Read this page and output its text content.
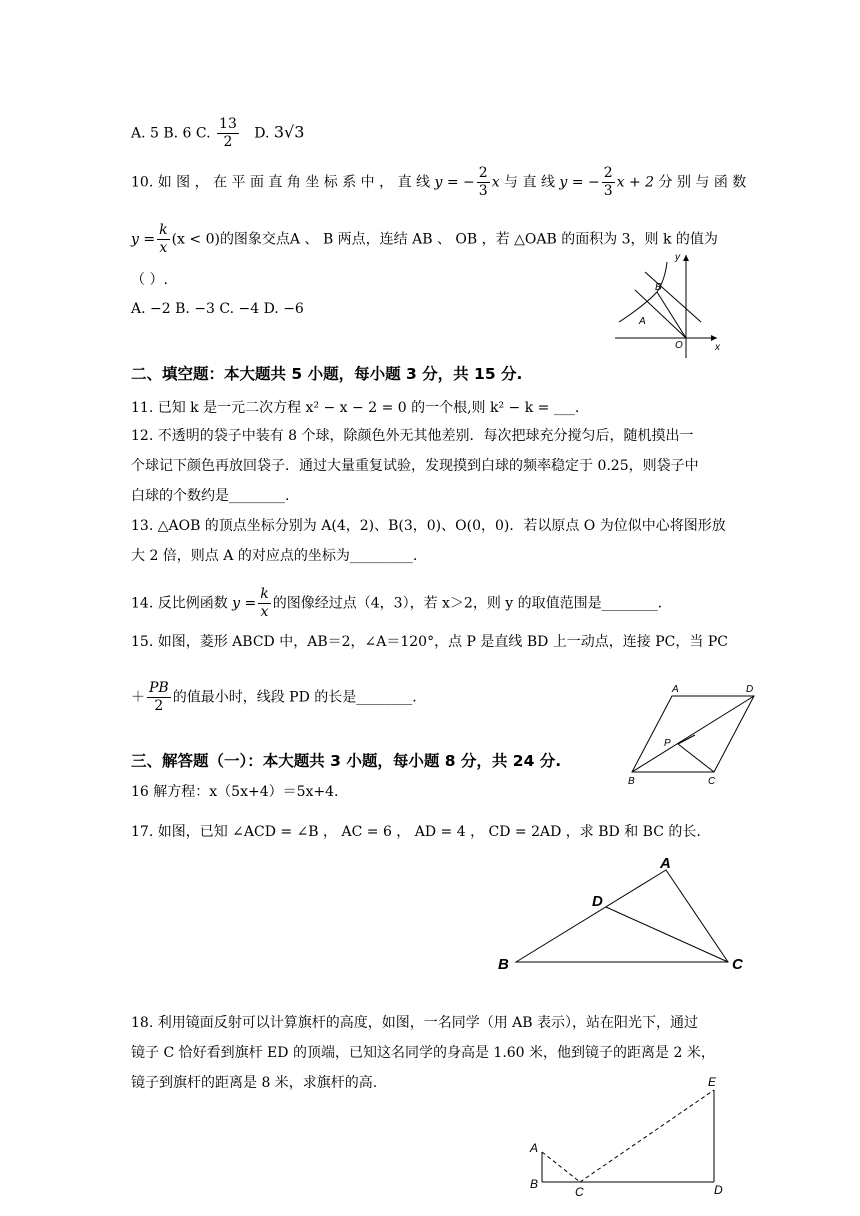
A. 5 B. 6 C. $\frac{13}{2} D$. 3√3
10. 如 图 ， 在 平 面 直 角 坐 标 系 中 ， 直 线 y = − $\frac{2}{3}$ x 与 直 线 y = − $\frac{2}{3}$ x + 2 分 别 与 函 数
$y = \frac{k}{x} (x < 0)$的图象交点A 、 B 两点，连结 AB 、 OB ，若 △OAB 的面积为 3，则 k 的值为
（ ）.
A. −2 B. −3 C. −4 D. −6
y
x
O
A
B
二、填空题：本大题共 5 小题，每小题 3 分，共 15 分.
11. 已知 k 是一元二次方程 x² − x − 2 = 0 的一个根,则 k² − k = ___.
12. 不透明的袋子中装有 8 个球，除颜色外无其他差别．每次把球充分搅匀后，随机摸出一
个球记下颜色再放回袋子．通过大量重复试验，发现摸到白球的频率稳定于 0.25，则袋子中
白球的个数约是________.
13. △AOB 的顶点坐标分别为 A(4，2)、B(3，0)、O(0，0)．若以原点 O 为位似中心将图形放
大 2 倍，则点 A 的对应点的坐标为_________.
14. 反比例函数 $y = \frac{k}{x}$ 的图像经过点（4，3），若 x＞2，则 y 的取值范围是________.
15. 如图，菱形 ABCD 中，AB＝2，∠A＝120°，点 P 是直线 BD 上一动点，连接 PC，当 PC
＋ $\frac{PB}{2}$ 的值最小时，线段 PD 的长是________.	A	D
B	C
P
三、解答题（一）：本大题共 3 小题，每小题 8 分，共 24 分.
16 解方程：x（5x+4）＝5x+4.
17. 如图，已知 ∠ACD = ∠B ， AC = 6 ， AD = 4 ， CD = 2AD ，求 BD 和 BC 的长.
A
B	C
D
18. 利用镜面反射可以计算旗杆的高度，如图，一名同学（用 AB 表示），站在阳光下，通过
镜子 C 恰好看到旗杆 ED 的顶端，已知这名同学的身高是 1.60 米，他到镜子的距离是 2 米，
镜子到旗杆的距离是 8 米，求旗杆的高.
A
B
C	D
E
